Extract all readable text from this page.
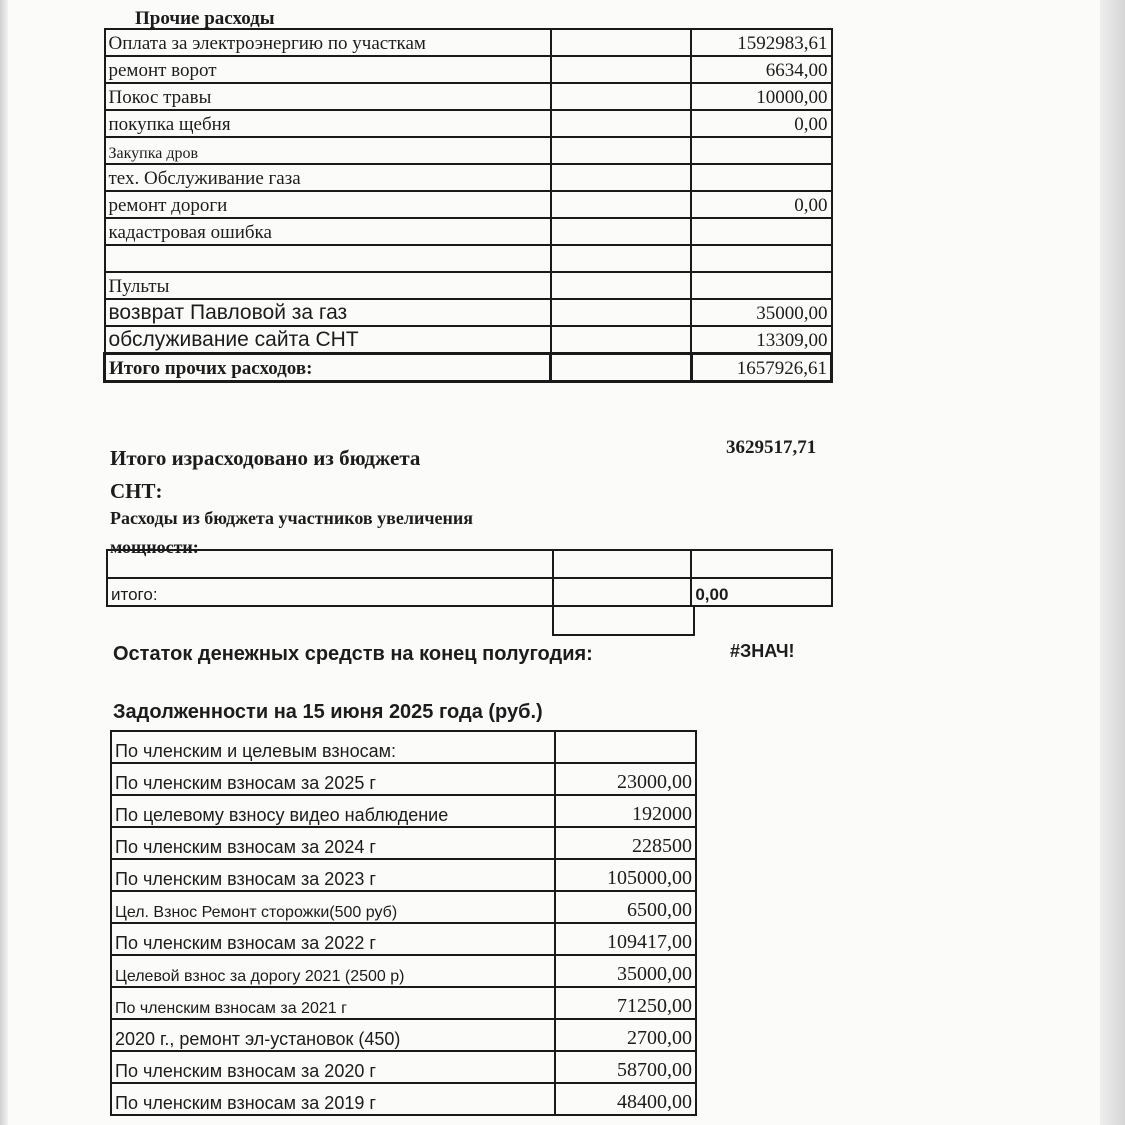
Прочие расходы
Оплата за электроэнергию по участкам		1592983,61
ремонт ворот		6634,00
Покос травы		10000,00
покупка щебня		0,00
Закупка дров		
тех. Обслуживание газа		
ремонт дороги		0,00
кадастровая ошибка		

Пульты		
возврат Павловой за газ		35000,00
обслуживание сайта СНТ		13309,00
Итого прочих расходов:		1657926,61
Итого израсходовано из бюджета
СНТ:
3629517,71
Расходы из бюджета участников увеличения
мощности:

итого:		0,00
Остаток денежных средств на конец полугодия:	#ЗНАЧ!
Задолженности на 15 июня 2025 года (руб.)
По членским и целевым взносам:	
По членским взносам за 2025 г	23000,00
По целевому взносу видео наблюдение	192000
По членским взносам за 2024 г	228500
По членским взносам за 2023 г	105000,00
Цел. Взнос Ремонт сторожки(500 руб)	6500,00
По членским взносам за 2022 г	109417,00
Целевой взнос за дорогу 2021 (2500 р)	35000,00
По членским взносам за 2021 г	71250,00
2020 г., ремонт эл-установок (450)	2700,00
По членским взносам за 2020 г	58700,00
По членским взносам за 2019 г	48400,00
